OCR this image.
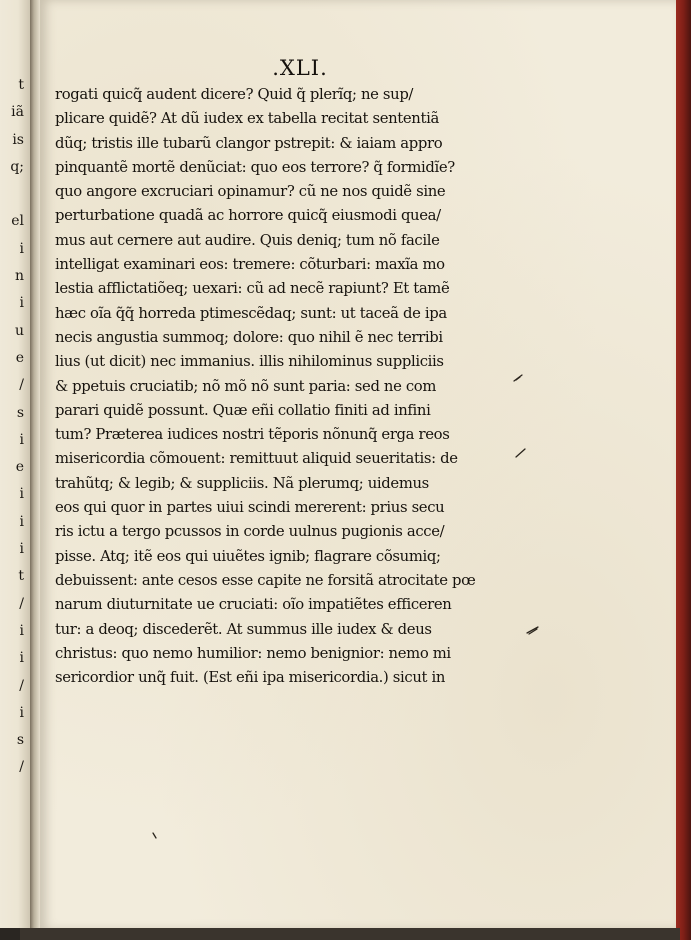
t
iã
is
q;
el
i
n
i
u
e
/
s
i
e
i
i
i
t
/
i
i
/
i
s
/
.XLI.
rogati quicq̃ audent dicere? Quid q̃ plerĩq; ne sup/
plicare quidẽ? At dũ iudex ex tabella recitat sententiã
dũq; tristis ille tubarũ clangor pstrepit: & iaiam appro
pinquantẽ mortẽ denũciat: quo eos terrore? q̃ formidĩe?
quo angore excruciari opinamur? cũ ne nos quidẽ sine
perturbatione quadã ac horrore quicq̃ eiusmodi quea/
mus aut cernere aut audire. Quis deniq; tum nõ facile
intelligat examinari eos: tremere: cõturbari: maxĩa mo
lestia affli̇ctatiõeq; uexari: cũ ad necẽ rapiunt? Et tamẽ
hæc oĩa q̃q̃ horreda ptimescẽdaq; sunt: ut taceã de ipa
necis angustia summoq; dolore: quo nihil ẽ nec terribi
lius (ut dicit) nec immanius. illis nihilominus suppliciis
& ppetuis cruciatib; nõ mõ nõ sunt paria: sed ne com
parari quidẽ possunt. Quæ eñi collatio finiti ad infini
tum? Præterea iudices nostri tẽporis nõnunq̃ erga reos
misericordia cõmouent: remittuut aliquid seueritatis: de
trahũtq; & legib; & suppliciis. Nã plerumq; uidemus
eos qui quor in partes uiui scindi mererent: prius secu
ris ictu a tergo pcussos in corde uulnus pugionis acce/
pisse. Atq; itẽ eos qui uiuẽtes ignib; flagrare cõsumiq;
debuissent: ante cesos esse capite ne forsitã atrocitate pœ
narum diuturnitate ue cruciati: oĩo impatiẽtes efficeren
tur: a deoq; discederẽt. At summus ille iudex & deus
christus: quo nemo humilior: nemo benignior: nemo mi
sericordior unq̃ fuit. (Est eñi ipa misericordia.) sicut in
